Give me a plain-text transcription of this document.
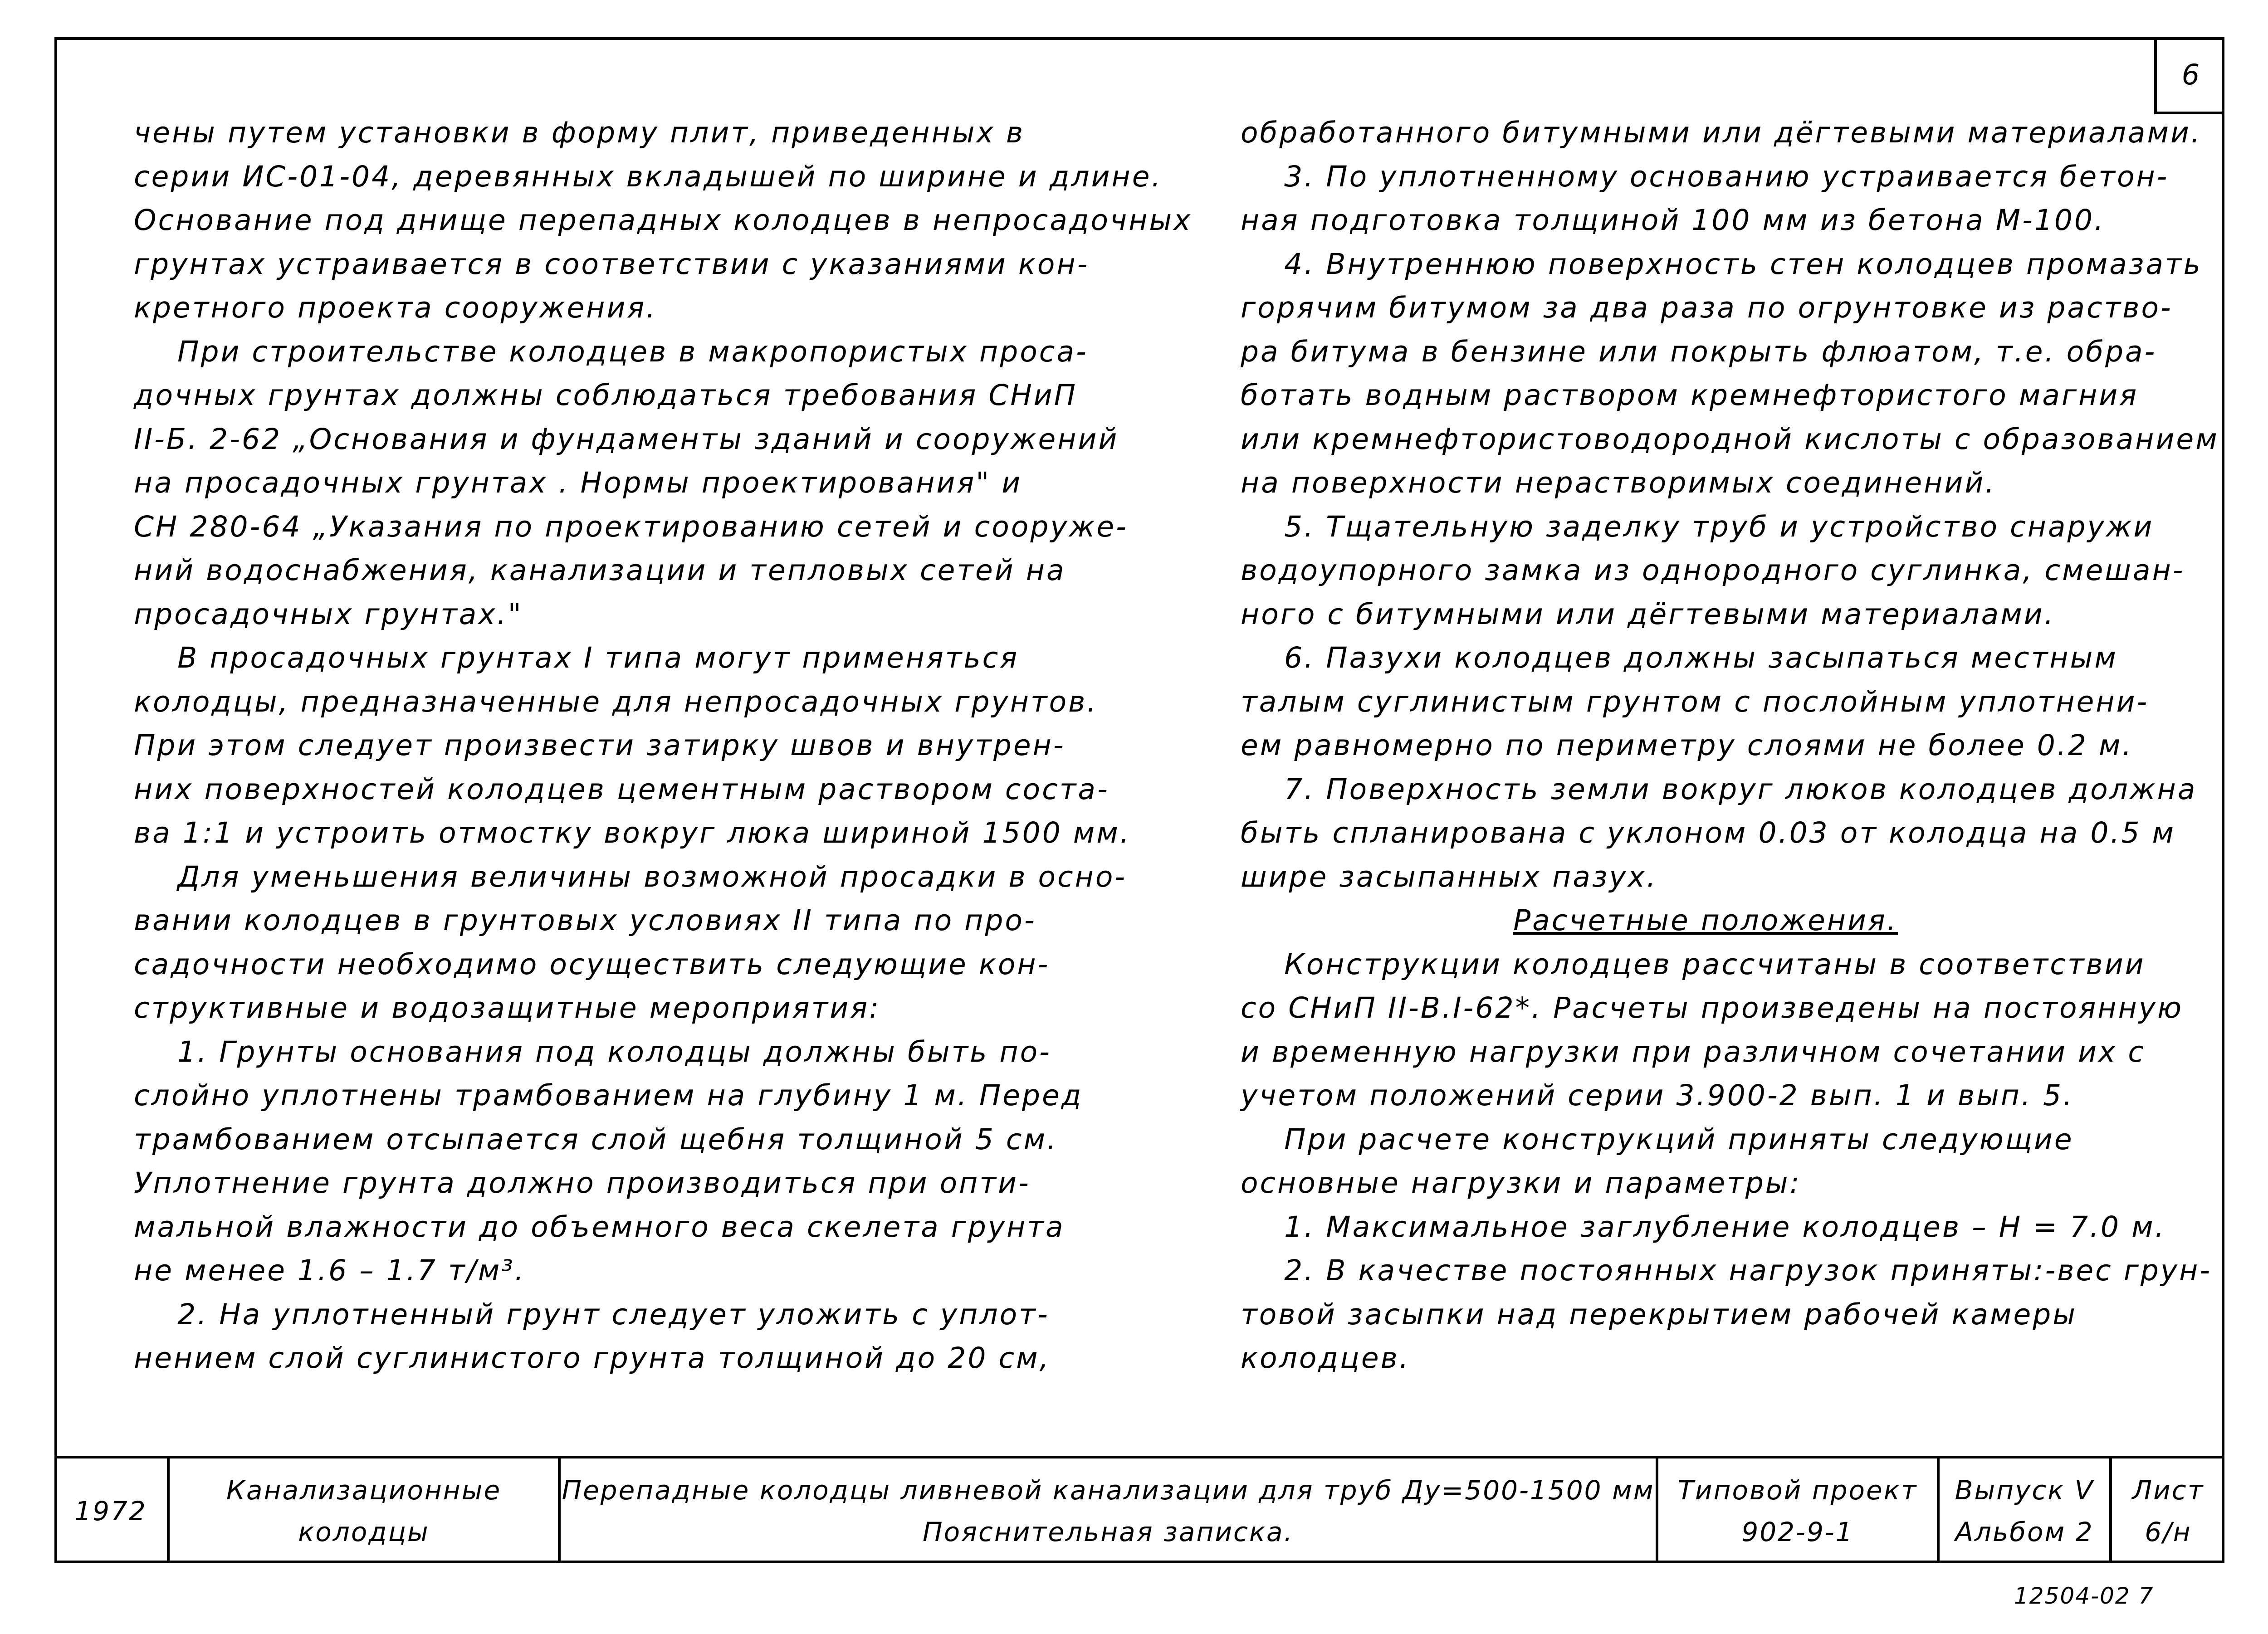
6

чены путем установки в форму плит, приведенных в

серии ИС-01-04, деревянных вкладышей по ширине и длине.

Основание под днище перепадных колодцев в непросадочных

грунтах устраивается в соответствии с указаниями кон-

кретного проекта сооружения.

При строительстве колодцев в макропористых проса-

дочных грунтах должны соблюдаться требования СНиП

II-Б. 2-62 „Основания и фундаменты зданий и сооружений

на просадочных грунтах . Нормы проектирования" и

СН 280-64 „Указания по проектированию сетей и сооруже-

ний водоснабжения, канализации и тепловых сетей на

просадочных грунтах."

В просадочных грунтах I типа могут применяться

колодцы, предназначенные для непросадочных грунтов.

При этом следует произвести затирку швов и внутрен-

них поверхностей колодцев цементным раствором соста-

ва 1:1 и устроить отмостку вокруг люка шириной 1500 мм.

Для уменьшения величины возможной просадки в осно-

вании колодцев в грунтовых условиях II типа по про-

садочности необходимо осуществить следующие кон-

структивные и водозащитные мероприятия:

1. Грунты основания под колодцы должны быть по-

слойно уплотнены трамбованием на глубину 1 м. Перед

трамбованием отсыпается слой щебня толщиной 5 см.

Уплотнение грунта должно производиться при опти-

мальной влажности до объемного веса скелета грунта

не менее 1.6 – 1.7 т/м³.

2. На уплотненный грунт следует уложить с уплот-

нением слой суглинистого грунта толщиной до 20 см,

обработанного битумными или дёгтевыми материалами.

3. По уплотненному основанию устраивается бетон-

ная подготовка толщиной 100 мм из бетона М-100.

4. Внутреннюю поверхность стен колодцев промазать

горячим битумом за два раза по огрунтовке из раство-

ра битума в бензине или покрыть флюатом, т.е. обра-

ботать водным раствором кремнефтористого магния

или кремнефтористоводородной кислоты с образованием

на поверхности нерастворимых соединений.

5. Тщательную заделку труб и устройство снаружи

водоупорного замка из однородного суглинка, смешан-

ного с битумными или дёгтевыми материалами.

6. Пазухи колодцев должны засыпаться местным

талым суглинистым грунтом с послойным уплотнени-

ем равномерно по периметру слоями не более 0.2 м.

7. Поверхность земли вокруг люков колодцев должна

быть спланирована с уклоном 0.03 от колодца на 0.5 м

шире засыпанных пазух.

Расчетные положения.

Конструкции колодцев рассчитаны в соответствии

со СНиП II-В.I-62*. Расчеты произведены на постоянную

и временную нагрузки при различном сочетании их с

учетом положений серии 3.900-2 вып. 1 и вып. 5.

При расчете конструкций приняты следующие

основные нагрузки и параметры:

1. Максимальное заглубление колодцев – Н = 7.0 м.

2. В качестве постоянных нагрузок приняты:-вес грун-

товой засыпки над перекрытием рабочей камеры

колодцев.

1972
Канализационные
колодцы
Перепадные колодцы ливневой канализации для труб Ду=500-1500 мм
Пояснительная записка.
Типовой проект
902-9-1
Выпуск V
Альбом 2
Лист
6/н
12504-02 7
